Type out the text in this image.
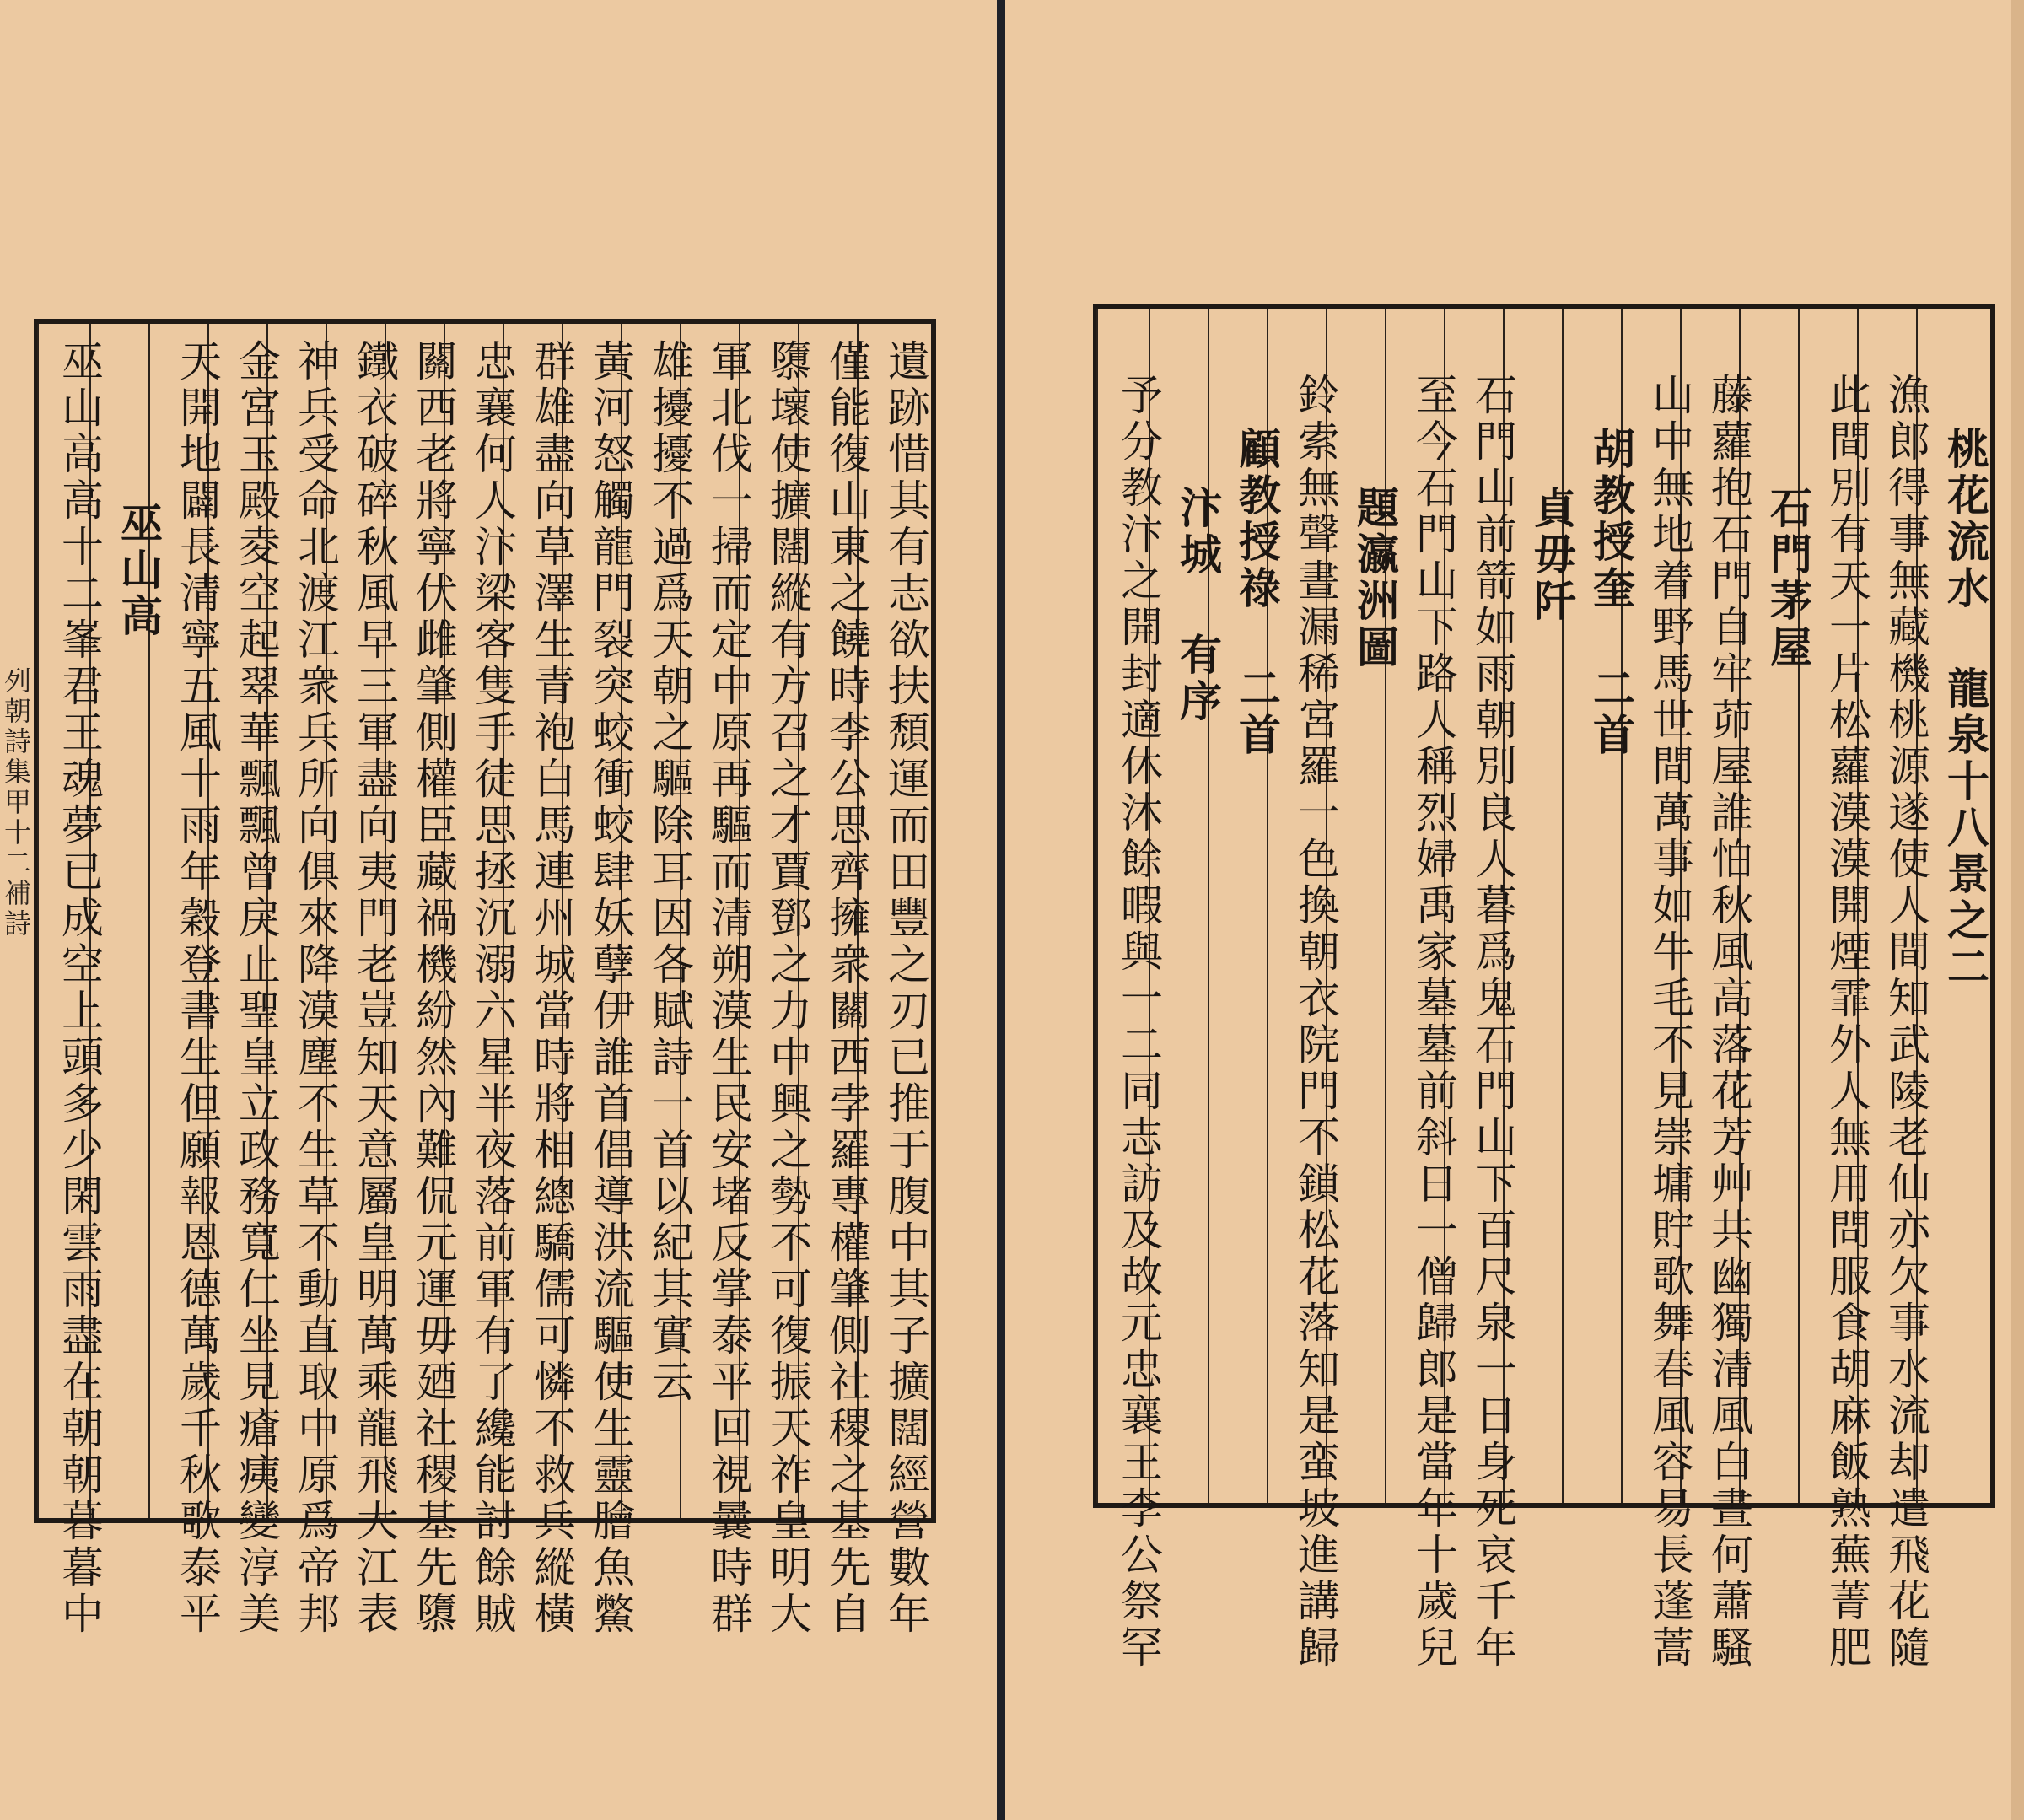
桃花流水 龍泉十八景之二
漁郎得事無藏機桃源遂使人間知武陵老仙亦欠事水流却遣飛花隨
此間別有天一片松蘿漠漠開煙霏外人無用問服食胡麻飯熟蕪菁肥
石門茅屋
藤蘿抱石門自牢茆屋誰怕秋風高落花芳艸共幽獨清風白晝何蕭騷
山中無地着野馬世間萬事如牛毛不見崇墉貯歌舞春風容易長蓬蒿
胡教授奎 二首
貞毋阡
石門山前箭如雨朝別良人暮爲鬼石門山下百尺泉一日身死哀千年
至今石門山下路人稱烈婦禹家墓墓前斜日一僧歸郎是當年十歲兒
題瀛洲圖
鈴索無聲晝漏稀宮羅一色換朝衣院門不鎖松花落知是蛮坡進講歸
顧教授祿 二首
汴城 有序
予分教汴之開封適休沐餘暇與一二同志訪及故元忠襄王李公祭罕
遺跡惜其有志欲扶頹運而田豐之刃已推于腹中其子擴闊經營數年
僅能復山東之饒時李公思齊擁衆關西孛羅專權肇側社稷之基先自
隳壞使擴闊縱有方召之才賈鄧之力中興之勢不可復振天祚皇明大
軍北伐一掃而定中原再驅而清朔漠生民安堵反掌泰平回視曩時群
雄擾擾不過爲天朝之驅除耳因各賦詩一首以紀其實云
黃河怒觸龍門裂突蛟衝蛟肆妖孽伊誰首倡導洪流驅使生靈膾魚鱉
群雄盡向草澤生青袍白馬連州城當時將相總驕儒可憐不救兵縱橫
忠襄何人汴梁客隻手徒思拯沉溺六星半夜落前軍有了纔能討餘賊
關西老將寧伏雌肇側權臣藏禍機紛然內難侃元運毋廼社稷基先隳
鐵衣破碎秋風早三軍盡向夷門老豈知天意屬皇明萬乘龍飛大江表
神兵受命北渡江衆兵所向俱來降漠塵不生草不動直取中原爲帝邦
金宮玉殿夌空起翠華飄飄曾戾止聖皇立政務寬仁坐見瘡痍變淳美
天開地闢長清寧五風十雨年穀登書生但願報恩德萬歲千秋歌泰平
巫山高
巫山高高十二峯君王魂夢已成空上頭多少閑雲雨盡在朝朝暮暮中
列朝詩集甲十二補詩
